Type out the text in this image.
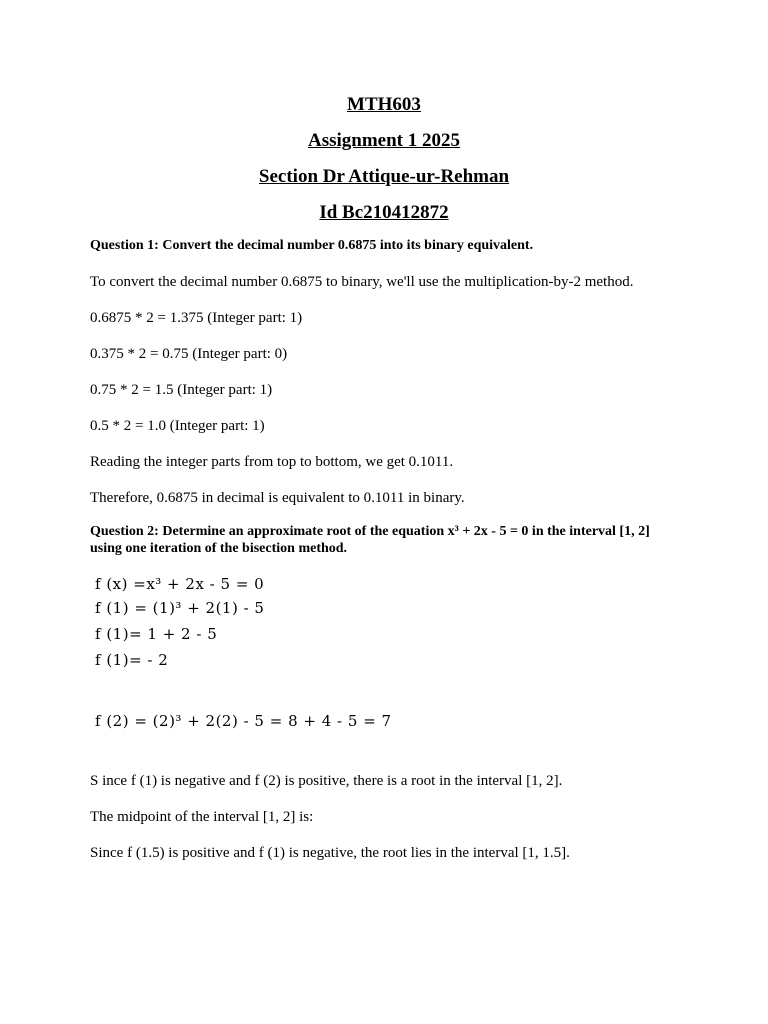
MTH603

Assignment 1 2025

Section Dr Attique-ur-Rehman

Id Bc210412872

Question 1: Convert the decimal number 0.6875 into its binary equivalent.

To convert the decimal number 0.6875 to binary, we'll use the multiplication-by-2 method.

0.6875 * 2 = 1.375 (Integer part: 1)

0.375 * 2 = 0.75 (Integer part: 0)

0.75 * 2 = 1.5 (Integer part: 1)

0.5 * 2 = 1.0 (Integer part: 1)

Reading the integer parts from top to bottom, we get 0.1011.

Therefore, 0.6875 in decimal is equivalent to 0.1011 in binary.

Question 2: Determine an approximate root of the equation x³ + 2x - 5 = 0 in the interval [1, 2]

using one iteration of the bisection method.

f (x) =x³ + 2x - 5 = 0

f (1) = (1)³ + 2(1) - 5

f (1)= 1 + 2 - 5

f (1)= - 2

f (2) = (2)³ + 2(2) - 5 = 8 + 4 - 5 = 7

S ince f (1) is negative and f (2) is positive, there is a root in the interval [1, 2].

The midpoint of the interval [1, 2] is:

Since f (1.5) is positive and f (1) is negative, the root lies in the interval [1, 1.5].
